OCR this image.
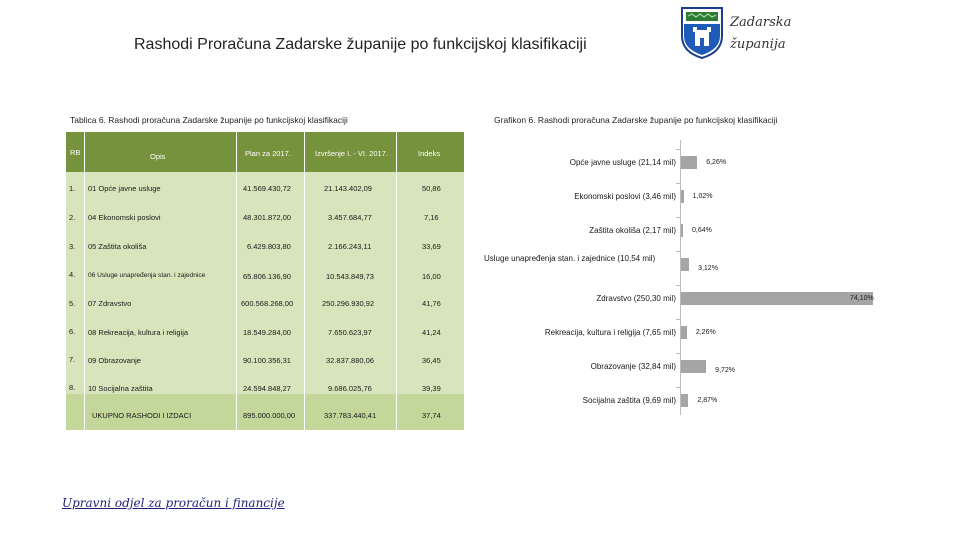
Rashodi Proračuna Zadarske županije po funkcijskoj klasifikaciji
Zadarska
županija
Tablica 6. Rashodi proračuna Zadarske županije po funkcijskoj klasifikaciji	Grafikon 6. Rashodi proračuna Zadarske županije po funkcijskoj klasifikaciji
RB	Opis	Plan za 2017.	Izvršenje I. - VI. 2017.	Indeks
1. 01 Opće javne usluge	41.569.430,72	21.143.402,09	50,86
2. 04 Ekonomski poslovi	48.301.872,00	3.457.684,77	7,16
3. 05 Zaštita okoliša	6.429.803,80	2.166.243,11	33,69
4. 06 Usluge unapređenja stan. i zajednice	65.806.136,90	10.543.849,73	16,00
5. 07 Zdravstvo	600.568.268,00	250.296.930,92	41,76
6. 08 Rekreacija, kultura i religija	18.549.284,00	7.650.623,97	41,24
7. 09 Obrazovanje	90.100.356,31	32.837.880,06	36,45
8. 10 Socijalna zaštita	24.594.848,27	9.686.025,76	39,39
UKUPNO RASHODI I IZDACI	895.000.000,00	337.783.440,41	37,74
Opće javne usluge (21,14 mil)	6,26%
Ekonomski poslovi (3,46 mil) 1,02%
Zaštita okoliša (2,17 mil) 0,64%
Usluge unapređenja stan. i zajednice (10,54 mil)
3,12%
Zdravstvo (250,30 mil)	74,10%
Rekreacija, kultura i religija (7,65 mil)	2,26%
Obrazovanje (32,84 mil)	9,72%
Socijalna zaštita (9,69 mil)	2,87%
Upravni odjel za proračun i financije
